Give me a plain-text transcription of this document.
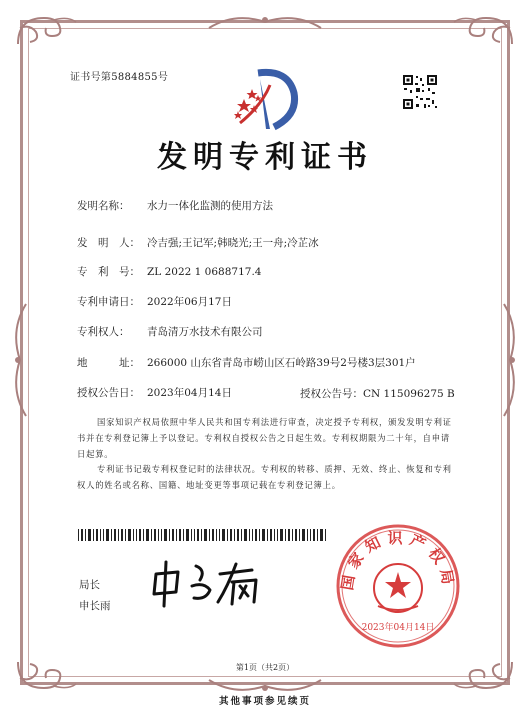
证书号第5884855号
发明专利证书
发明名称： 水力一体化监测的使用方法
发　明　人： 冷吉强;王记军;韩晓光;王一舟;冷芷冰
专　利　号： ZL 2022 1 0688717.4
专利申请日： 2022年06月17日
专利权人： 青岛清万水技术有限公司
地　　　址： 266000 山东省青岛市崂山区石岭路39号2号楼3层301户
授权公告日： 2023年04月14日	授权公告号：CN 115096275 B
国家知识产权局依照中华人民共和国专利法进行审查，决定授予专利权，颁发发明专利证书并在专利登记簿上予以登记。专利权自授权公告之日起生效。专利权期限为二十年，自申请日起算。
专利证书记载专利权登记时的法律状况。专利权的转移、质押、无效、终止、恢复和专利权人的姓名或名称、国籍、地址变更等事项记载在专利登记簿上。
局长
申长雨
国家知识产权局
2023年04月14日
第1页（共2页）
其他事项参见续页
